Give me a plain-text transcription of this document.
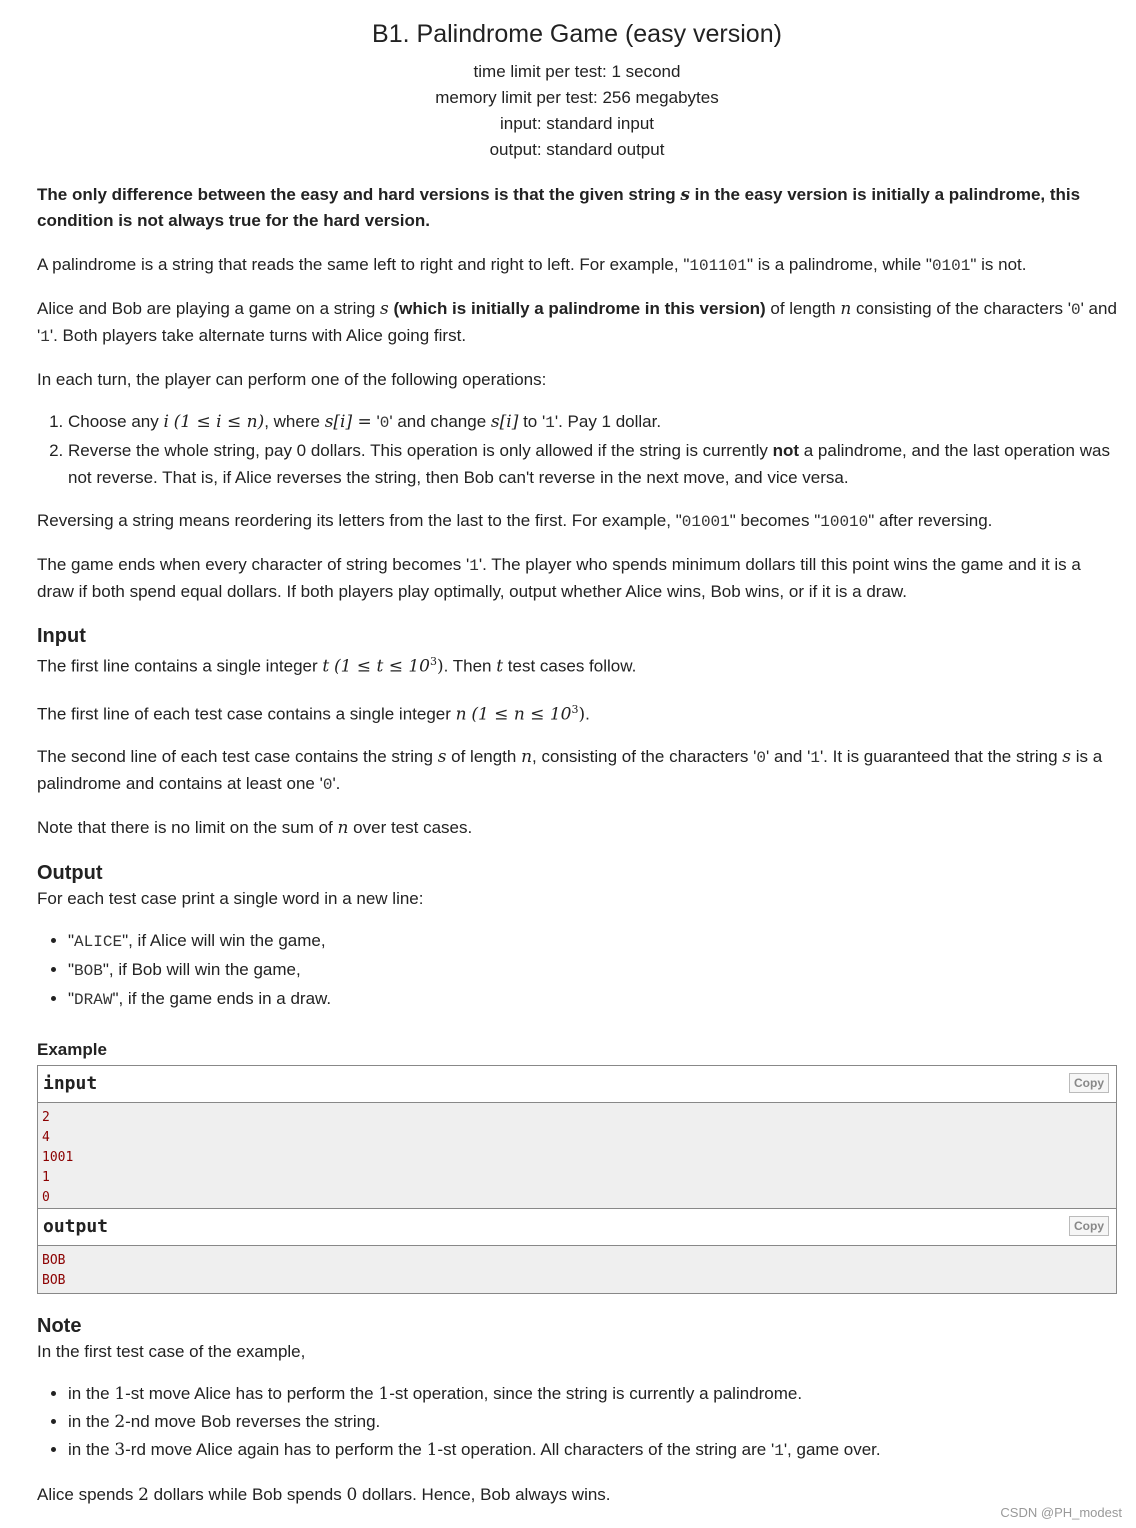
B1. Palindrome Game (easy version)
time limit per test: 1 second
memory limit per test: 256 megabytes
input: standard input
output: standard output

The only difference between the easy and hard versions is that the given string s in the easy version is initially a palindrome, this condition is not always true for the hard version.

A palindrome is a string that reads the same left to right and right to left. For example, "101101" is a palindrome, while "0101" is not.

Alice and Bob are playing a game on a string s (which is initially a palindrome in this version) of length n consisting of the characters '0' and '1'. Both players take alternate turns with Alice going first.

In each turn, the player can perform one of the following operations:

1. Choose any i (1 ≤ i ≤ n), where s[i] = '0' and change s[i] to '1'. Pay 1 dollar.
2. Reverse the whole string, pay 0 dollars. This operation is only allowed if the string is currently not a palindrome, and the last operation was not reverse. That is, if Alice reverses the string, then Bob can't reverse in the next move, and vice versa.

Reversing a string means reordering its letters from the last to the first. For example, "01001" becomes "10010" after reversing.

The game ends when every character of string becomes '1'. The player who spends minimum dollars till this point wins the game and it is a draw if both spend equal dollars. If both players play optimally, output whether Alice wins, Bob wins, or if it is a draw.

Input

The first line contains a single integer t $(1 \le t \le 10^3)$. Then t test cases follow.

The first line of each test case contains a single integer n $(1 \le n \le 10^3)$.

The second line of each test case contains the string s of length n, consisting of the characters '0' and '1'. It is guaranteed that the string s is a palindrome and contains at least one '0'.

Note that there is no limit on the sum of n over test cases.

Output

For each test case print a single word in a new line:

• "ALICE", if Alice will win the game,
• "BOB", if Bob will win the game,
• "DRAW", if the game ends in a draw.
Example
input	Copy
2
4
1001
1
0
output	Copy
BOB
BOB
Note

In the first test case of the example,

• in the 1-st move Alice has to perform the 1-st operation, since the string is currently a palindrome.
• in the 2-nd move Bob reverses the string.
• in the 3-rd move Alice again has to perform the 1-st operation. All characters of the string are '1', game over.

Alice spends 2 dollars while Bob spends 0 dollars. Hence, Bob always wins.

CSDN @PH_modest
